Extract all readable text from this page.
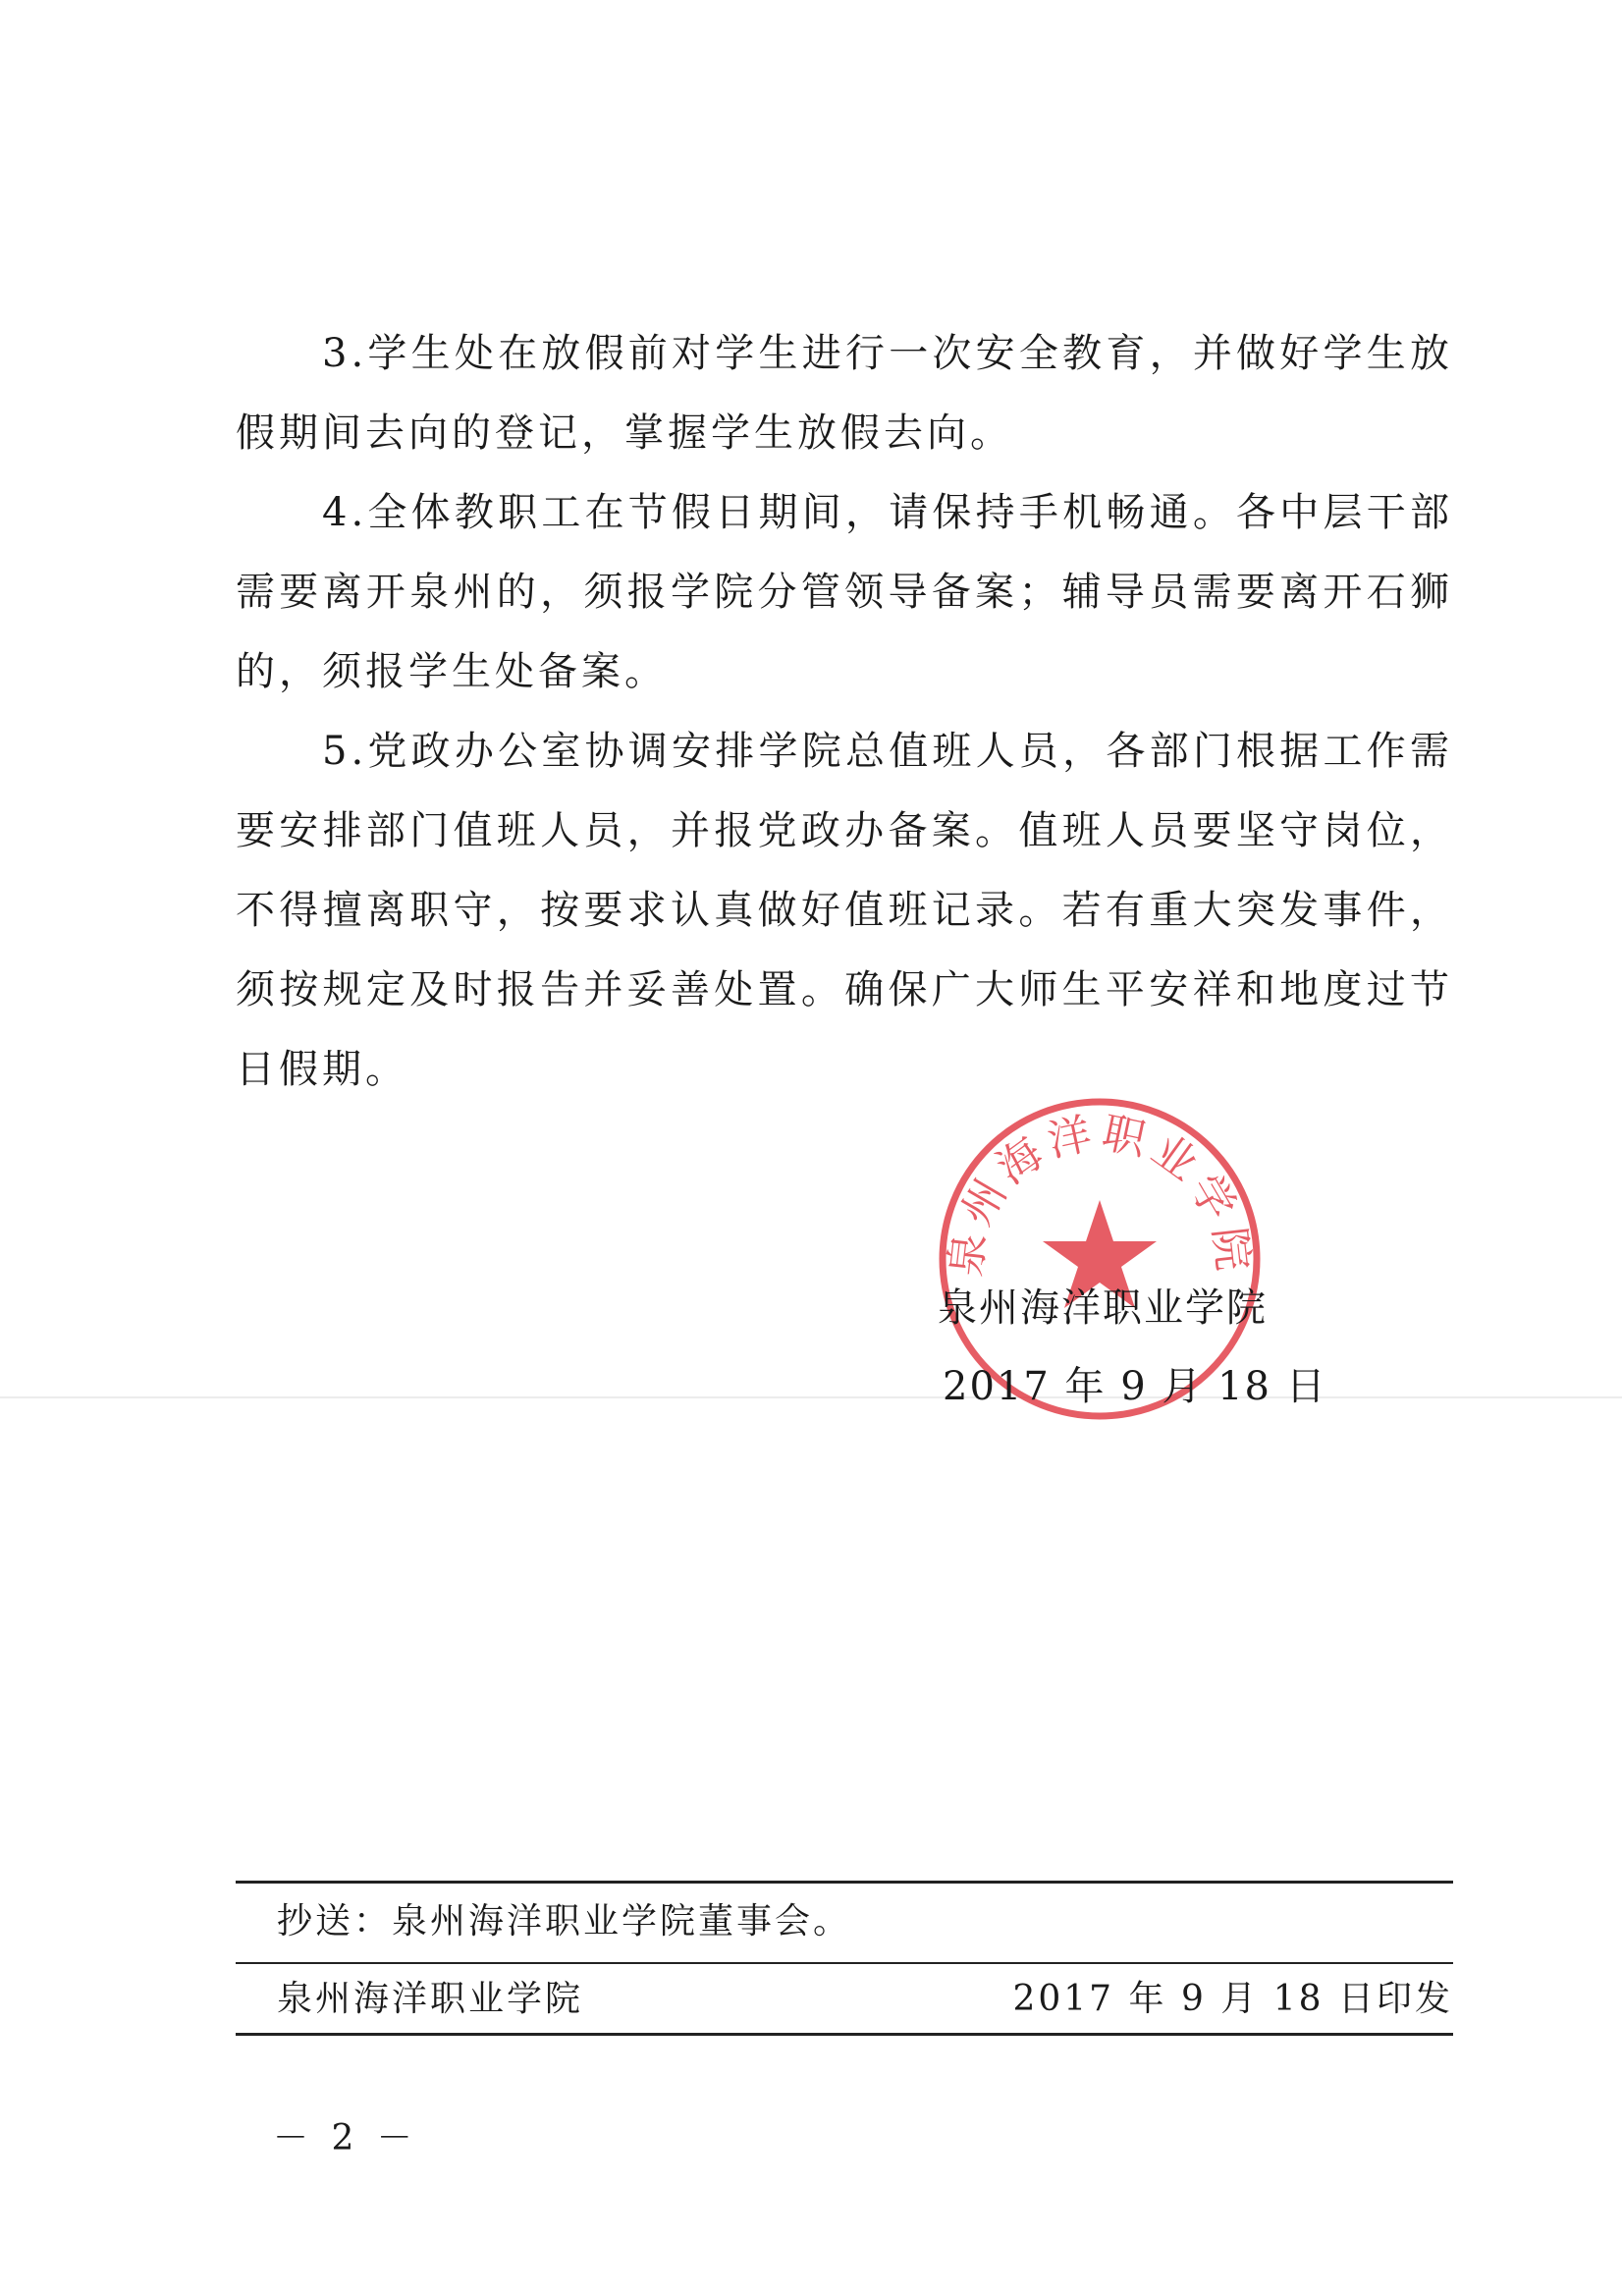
3.学生处在放假前对学生进行一次安全教育，并做好学生放假期间去向的登记，掌握学生放假去向。

4.全体教职工在节假日期间，请保持手机畅通。各中层干部需要离开泉州的，须报学院分管领导备案；辅导员需要离开石狮的，须报学生处备案。

5.党政办公室协调安排学院总值班人员，各部门根据工作需要安排部门值班人员，并报党政办备案。值班人员要坚守岗位，不得擅离职守，按要求认真做好值班记录。若有重大突发事件，须按规定及时报告并妥善处置。确保广大师生平安祥和地度过节日假期。

泉州海洋职业学院
泉州海洋职业学院
2017 年 9 月 18 日
抄送：泉州海洋职业学院董事会。
泉州海洋职业学院	2017 年 9 月 18 日印发
－ 2 －
